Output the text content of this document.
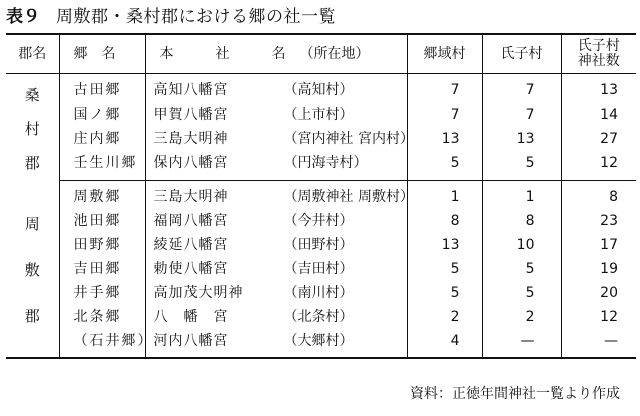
表９ 周敷郡・桑村郡における郷の社一覧
郡名	郷名	本　社　名（所在地）	郷域村	氏子村	氏子村神社数

桑村郡	古田郷	高知八幡宮 （高知村）	7	7	13
	国ノ郷	甲賀八幡宮 （上市村）	7	7	14
	庄内郷	三島大明神 （宮内神社 宮内村）	13	13	27
	壬生川郷	保内八幡宮 （円海寺村）	5	5	12

周敷郡	周敷郷	三島大明神 （周敷神社 周敷村）	1	1	8
	池田郷	福岡八幡宮 （今井村）	8	8	23
	田野郷	綾延八幡宮 （田野村）	13	10	17
	吉田郷	勅使八幡宮 （吉田村）	5	5	19
	井手郷	高加茂大明神 （南川村）	5	5	20
	北条郷	八　幡　宮 （北条村）	2	2	12
	（石井郷）	河内八幡宮 （大郷村）	4	—	—
資料：正徳年間神社一覧より作成
